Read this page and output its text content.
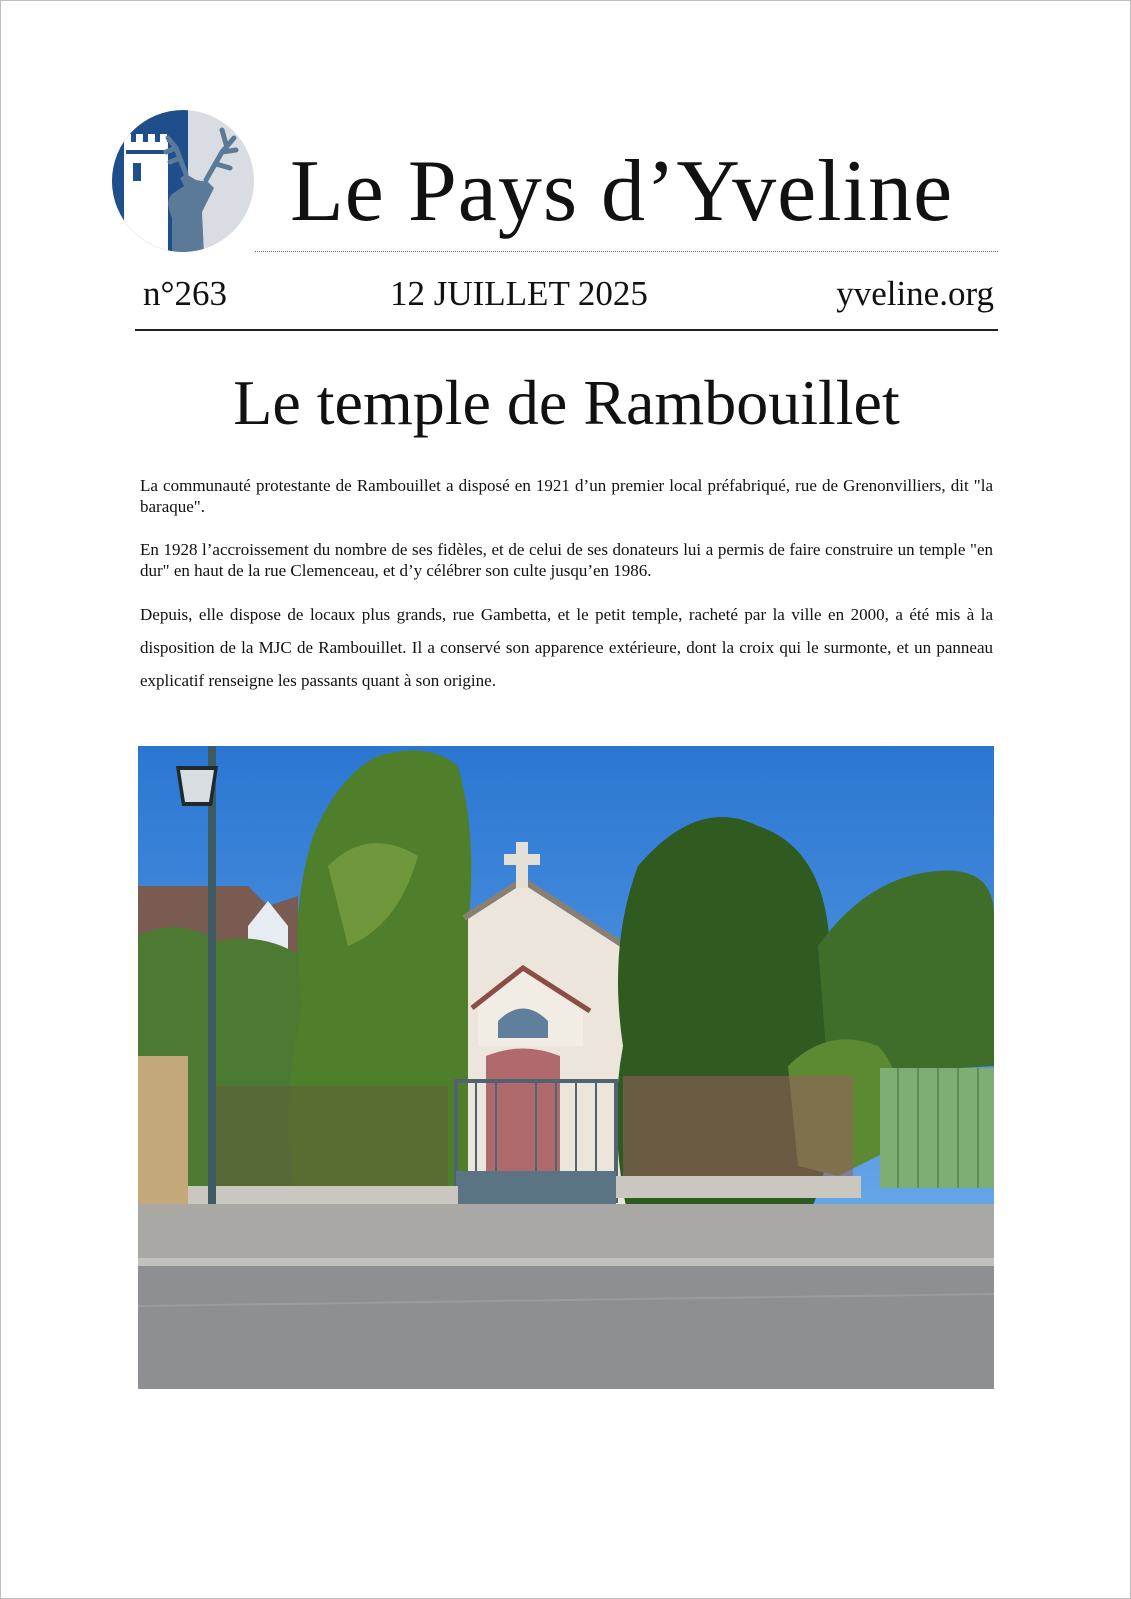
Le Pays d’Yveline
n°263	12 JUILLET 2025	yveline.org
Le temple de Rambouillet

La communauté protestante de Rambouillet a disposé en 1921 d’un premier local préfabriqué, rue de Grenonvilliers, dit "la baraque".

En 1928 l’accroissement du nombre de ses fidèles, et de celui de ses donateurs lui a permis de faire construire un temple "en dur" en haut de la rue Clemenceau, et d’y célébrer son culte jusqu’en 1986.

Depuis, elle dispose de locaux plus grands, rue Gambetta, et le petit temple, racheté par la ville en 2000, a été mis à la disposition de la MJC de Rambouillet. Il a conservé son apparence extérieure, dont la croix qui le surmonte, et un panneau explicatif renseigne les passants quant à son origine.
